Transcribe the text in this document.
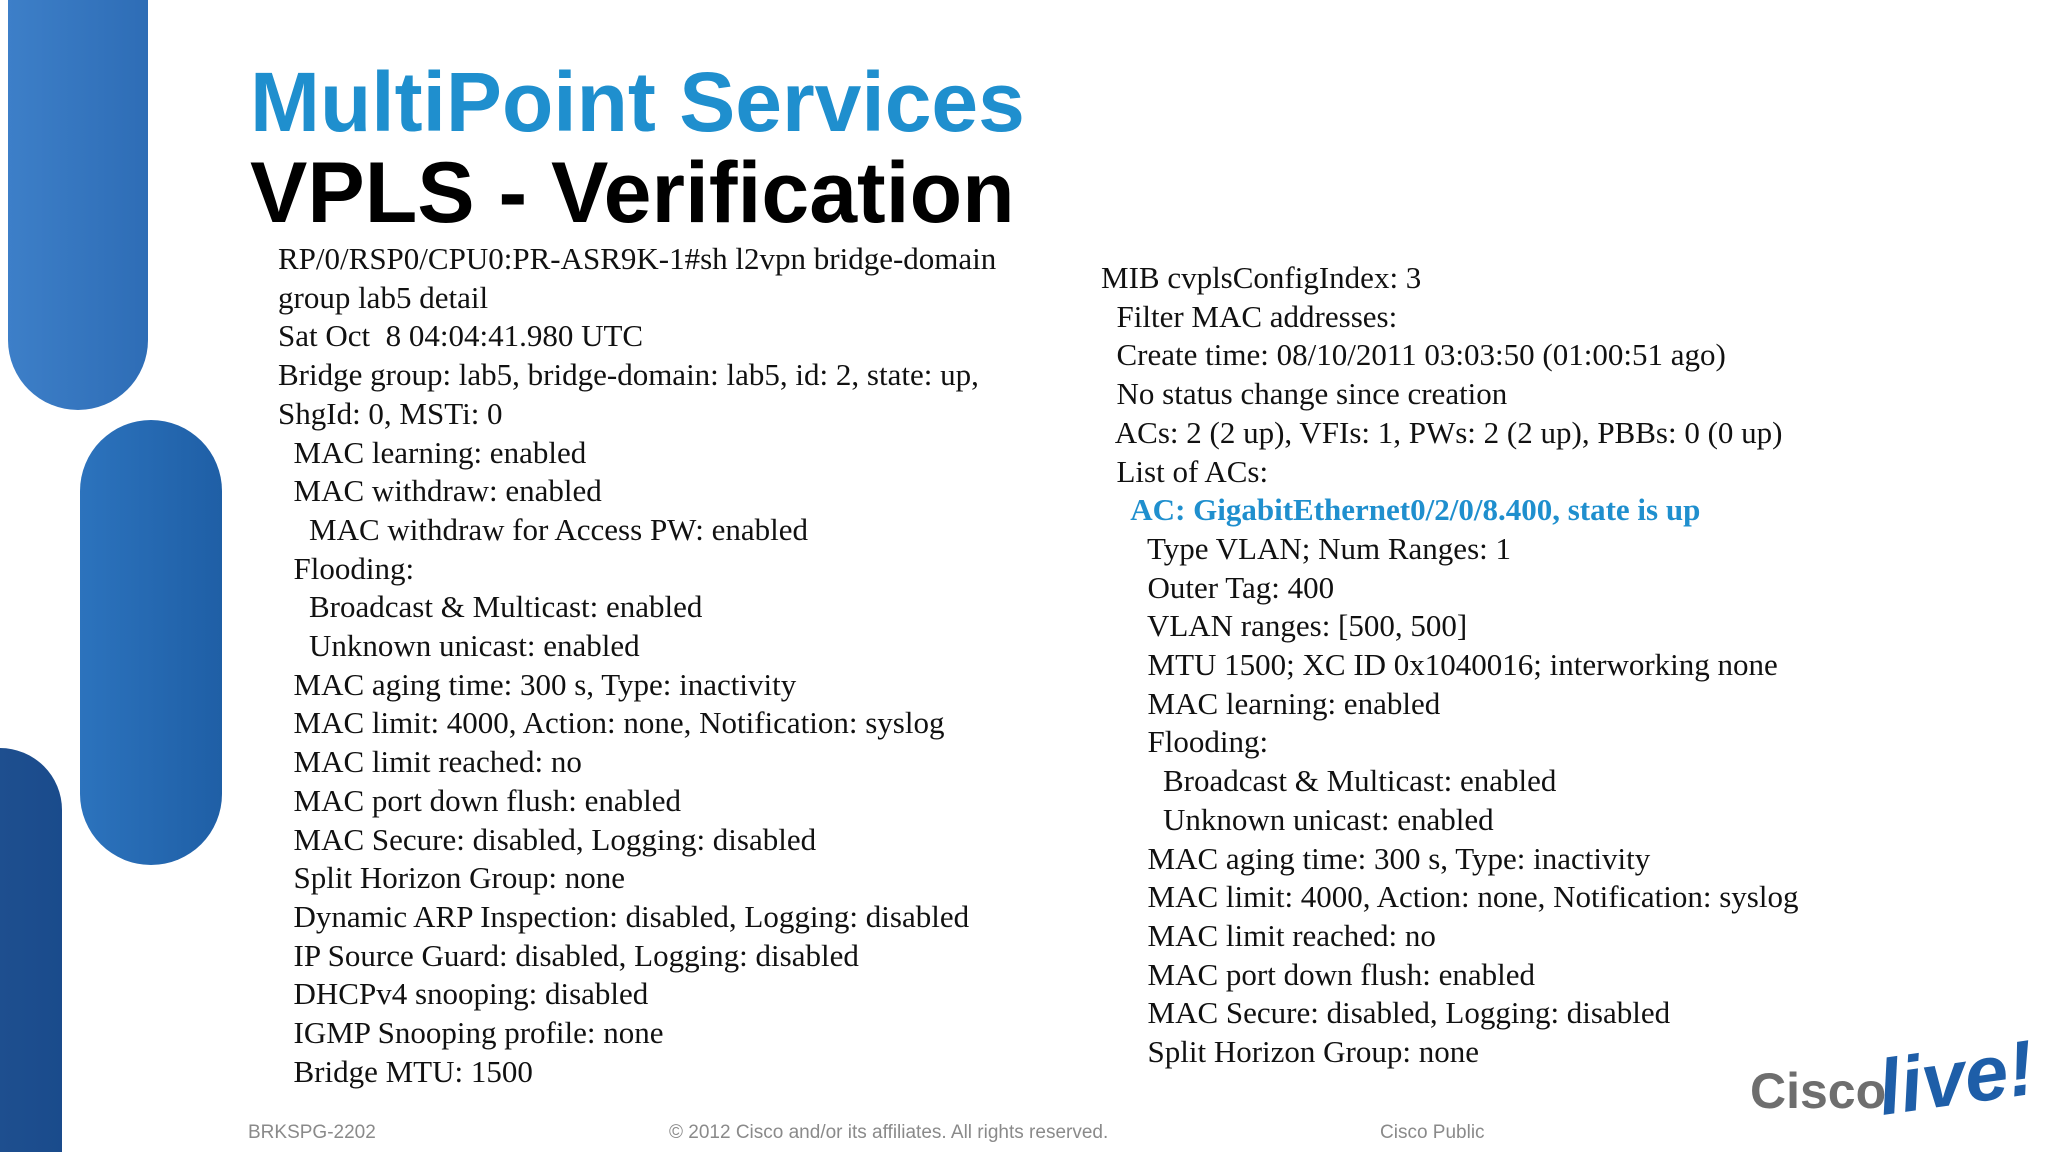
MultiPoint Services
VPLS - Verification
RP/0/RSP0/CPU0:PR-ASR9K-1#sh l2vpn bridge-domain
group lab5 detail
Sat Oct  8 04:04:41.980 UTC
Bridge group: lab5, bridge-domain: lab5, id: 2, state: up,
ShgId: 0, MSTi: 0
MAC learning: enabled
MAC withdraw: enabled
MAC withdraw for Access PW: enabled
Flooding:
Broadcast & Multicast: enabled
Unknown unicast: enabled
MAC aging time: 300 s, Type: inactivity
MAC limit: 4000, Action: none, Notification: syslog
MAC limit reached: no
MAC port down flush: enabled
MAC Secure: disabled, Logging: disabled
Split Horizon Group: none
Dynamic ARP Inspection: disabled, Logging: disabled
IP Source Guard: disabled, Logging: disabled
DHCPv4 snooping: disabled
IGMP Snooping profile: none
Bridge MTU: 1500
MIB cvplsConfigIndex: 3
Filter MAC addresses:
Create time: 08/10/2011 03:03:50 (01:00:51 ago)
No status change since creation
ACs: 2 (2 up), VFIs: 1, PWs: 2 (2 up), PBBs: 0 (0 up)
List of ACs:
AC: GigabitEthernet0/2/0/8.400, state is up
Type VLAN; Num Ranges: 1
Outer Tag: 400
VLAN ranges: [500, 500]
MTU 1500; XC ID 0x1040016; interworking none
MAC learning: enabled
Flooding:
Broadcast & Multicast: enabled
Unknown unicast: enabled
MAC aging time: 300 s, Type: inactivity
MAC limit: 4000, Action: none, Notification: syslog
MAC limit reached: no
MAC port down flush: enabled
MAC Secure: disabled, Logging: disabled
Split Horizon Group: none
BRKSPG-2202	© 2012 Cisco and/or its affiliates. All rights reserved.	Cisco Public
Cisco
live!
